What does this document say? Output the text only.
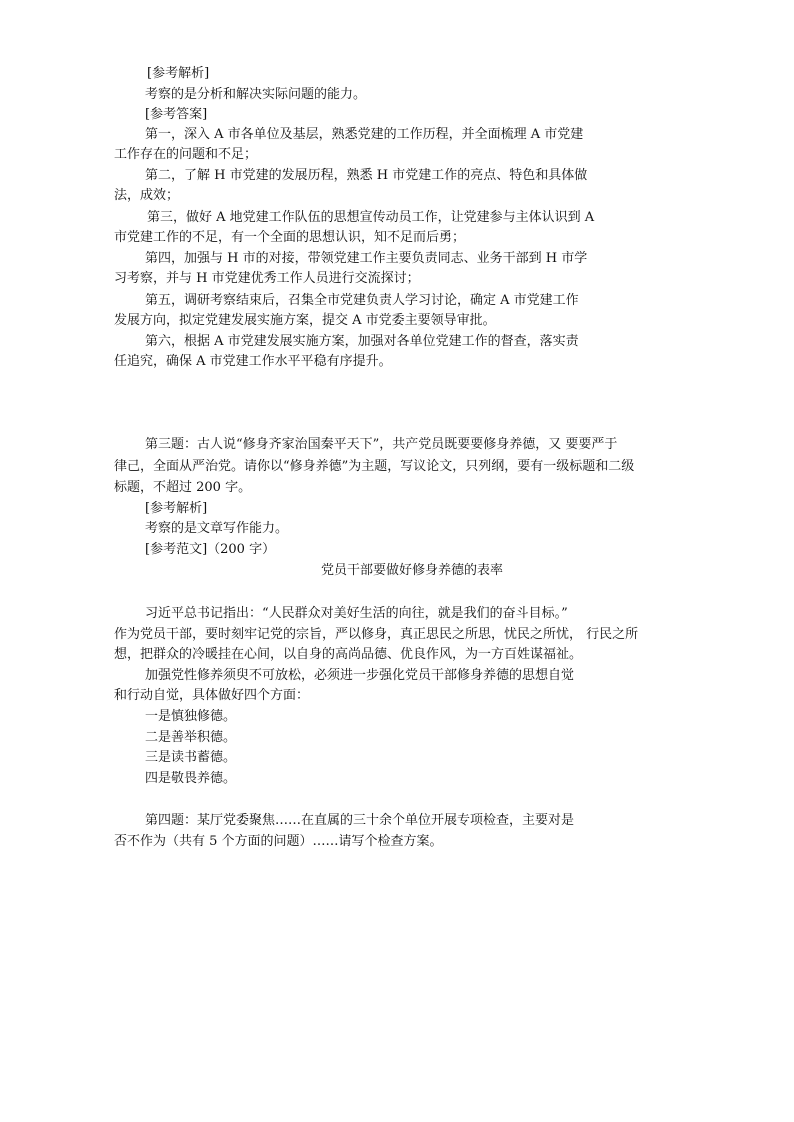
[参考解析]
考察的是分析和解决实际问题的能力。
[参考答案]
第一，深入 A 市各单位及基层，熟悉党建的工作历程，并全面梳理 A 市党建
工作存在的问题和不足；
第二，了解 H 市党建的发展历程，熟悉 H 市党建工作的亮点、特色和具体做
法，成效；
第三，做好 A 地党建工作队伍的思想宣传动员工作，让党建参与主体认识到 A
市党建工作的不足，有一个全面的思想认识，知不足而后勇；
第四，加强与 H 市的对接，带领党建工作主要负责同志、业务干部到 H 市学
习考察，并与 H 市党建优秀工作人员进行交流探讨；
第五，调研考察结束后，召集全市党建负责人学习讨论，确定 A 市党建工作
发展方向，拟定党建发展实施方案，提交 A 市党委主要领导审批。
第六，根据 A 市党建发展实施方案，加强对各单位党建工作的督查，落实责
任追究，确保 A 市党建工作水平平稳有序提升。
第三题：古人说“修身齐家治国秦平天下”，共产党员既要要修身养德，又 要要严于
律己，全面从严治党。请你以“修身养德”为主题，写议论文，只列纲，要有一级标题和二级
标题，不超过 200 字。
[参考解析]
考察的是文章写作能力。
[参考范文]（200 字）
党员干部要做好修身养德的表率
习近平总书记指出：“人民群众对美好生活的向往，就是我们的奋斗目标。”
作为党员干部，要时刻牢记党的宗旨，严以修身，真正思民之所思，忧民之所忧， 行民之所
想，把群众的冷暖挂在心间，以自身的高尚品德、优良作风，为一方百姓谋福祉。
加强党性修养须臾不可放松，必须进一步强化党员干部修身养德的思想自觉
和行动自觉，具体做好四个方面：
一是慎独修德。
二是善举积德。
三是读书蓄德。
四是敬畏养德。
第四题：某厅党委聚焦……在直属的三十余个单位开展专项检查，主要对是
否不作为（共有 5 个方面的问题）……请写个检查方案。
